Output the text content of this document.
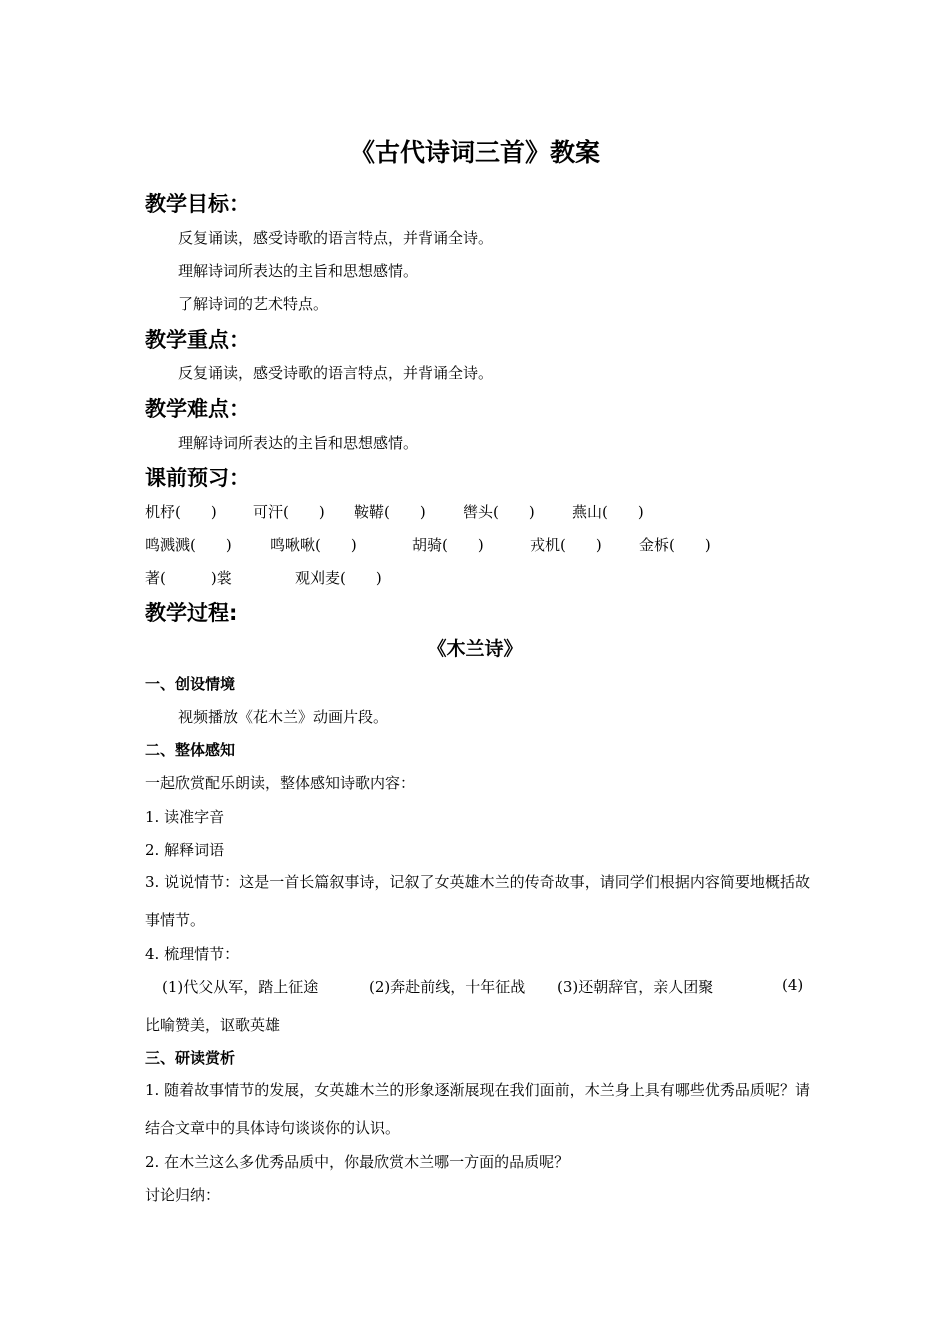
《古代诗词三首》教案
教学目标：
反复诵读，感受诗歌的语言特点，并背诵全诗。
理解诗词所表达的主旨和思想感情。
了解诗词的艺术特点。
教学重点：
反复诵读，感受诗歌的语言特点，并背诵全诗。
教学难点：
理解诗词所表达的主旨和思想感情。
课前预习：
机杼(　　) 可汗(　　) 鞍鞯(　　) 辔头(　　) 燕山(　　)
鸣溅溅(　　)	鸣啾啾(　　)	胡骑(　　)	戎机(　　) 金柝(　　)
著(　　　)裳	观刈麦(　　)
教学过程:
《木兰诗》
一、创设情境
视频播放《花木兰》动画片段。
二、整体感知
一起欣赏配乐朗读，整体感知诗歌内容：
1. 读准字音
2. 解释词语
3. 说说情节：这是一首长篇叙事诗，记叙了女英雄木兰的传奇故事，请同学们根据内容简要地概括故事情节。
4. 梳理情节：
(1)代父从军，踏上征途	(2)奔赴前线，十年征战 (3)还朝辞官，亲人团聚	(4)
比喻赞美，讴歌英雄
三、研读赏析
1. 随着故事情节的发展，女英雄木兰的形象逐渐展现在我们面前，木兰身上具有哪些优秀品质呢？请结合文章中的具体诗句谈谈你的认识。
2. 在木兰这么多优秀品质中，你最欣赏木兰哪一方面的品质呢？
讨论归纳：
